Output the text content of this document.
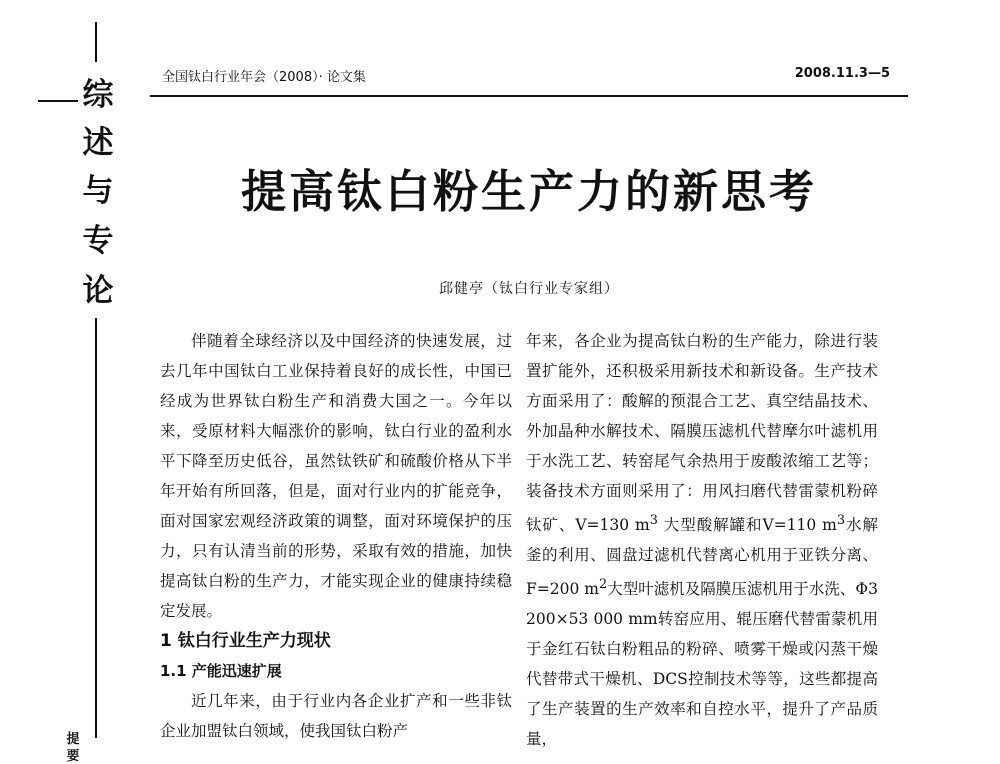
综
述
与
专
论
提
要
全国钛白行业年会（2008）· 论文集	2008.11.3—5
提高钛白粉生产力的新思考
邱健亭（钛白行业专家组）

伴随着全球经济以及中国经济的快速发展，过去几年中国钛白工业保持着良好的成长性，中国已经成为世界钛白粉生产和消费大国之一。今年以来，受原材料大幅涨价的影响，钛白行业的盈利水平下降至历史低谷，虽然钛铁矿和硫酸价格从下半年开始有所回落，但是，面对行业内的扩能竞争，面对国家宏观经济政策的调整，面对环境保护的压力，只有认清当前的形势，采取有效的措施，加快提高钛白粉的生产力，才能实现企业的健康持续稳定发展。

1 钛白行业生产力现状

1.1 产能迅速扩展

近几年来，由于行业内各企业扩产和一些非钛企业加盟钛白领域，使我国钛白粉产

年来，各企业为提高钛白粉的生产能力，除进行装置扩能外，还积极采用新技术和新设备。生产技术方面采用了：酸解的预混合工艺、真空结晶技术、外加晶种水解技术、隔膜压滤机代替摩尔叶滤机用于水洗工艺、转窑尾气余热用于废酸浓缩工艺等；装备技术方面则采用了：用风扫磨代替雷蒙机粉碎钛矿、V=130 $m^3$ 大型酸解罐和V=110 $m^3$水解釜的利用、圆盘过滤机代替离心机用于亚铁分离、F=200 $m^2$大型叶滤机及隔膜压滤机用于水洗、Φ3 200×53 000 mm转窑应用、辊压磨代替雷蒙机用于金红石钛白粉粗品的粉碎、喷雾干燥或闪蒸干燥代替带式干燥机、DCS控制技术等等，这些都提高了生产装置的生产效率和自控水平，提升了产品质量，
